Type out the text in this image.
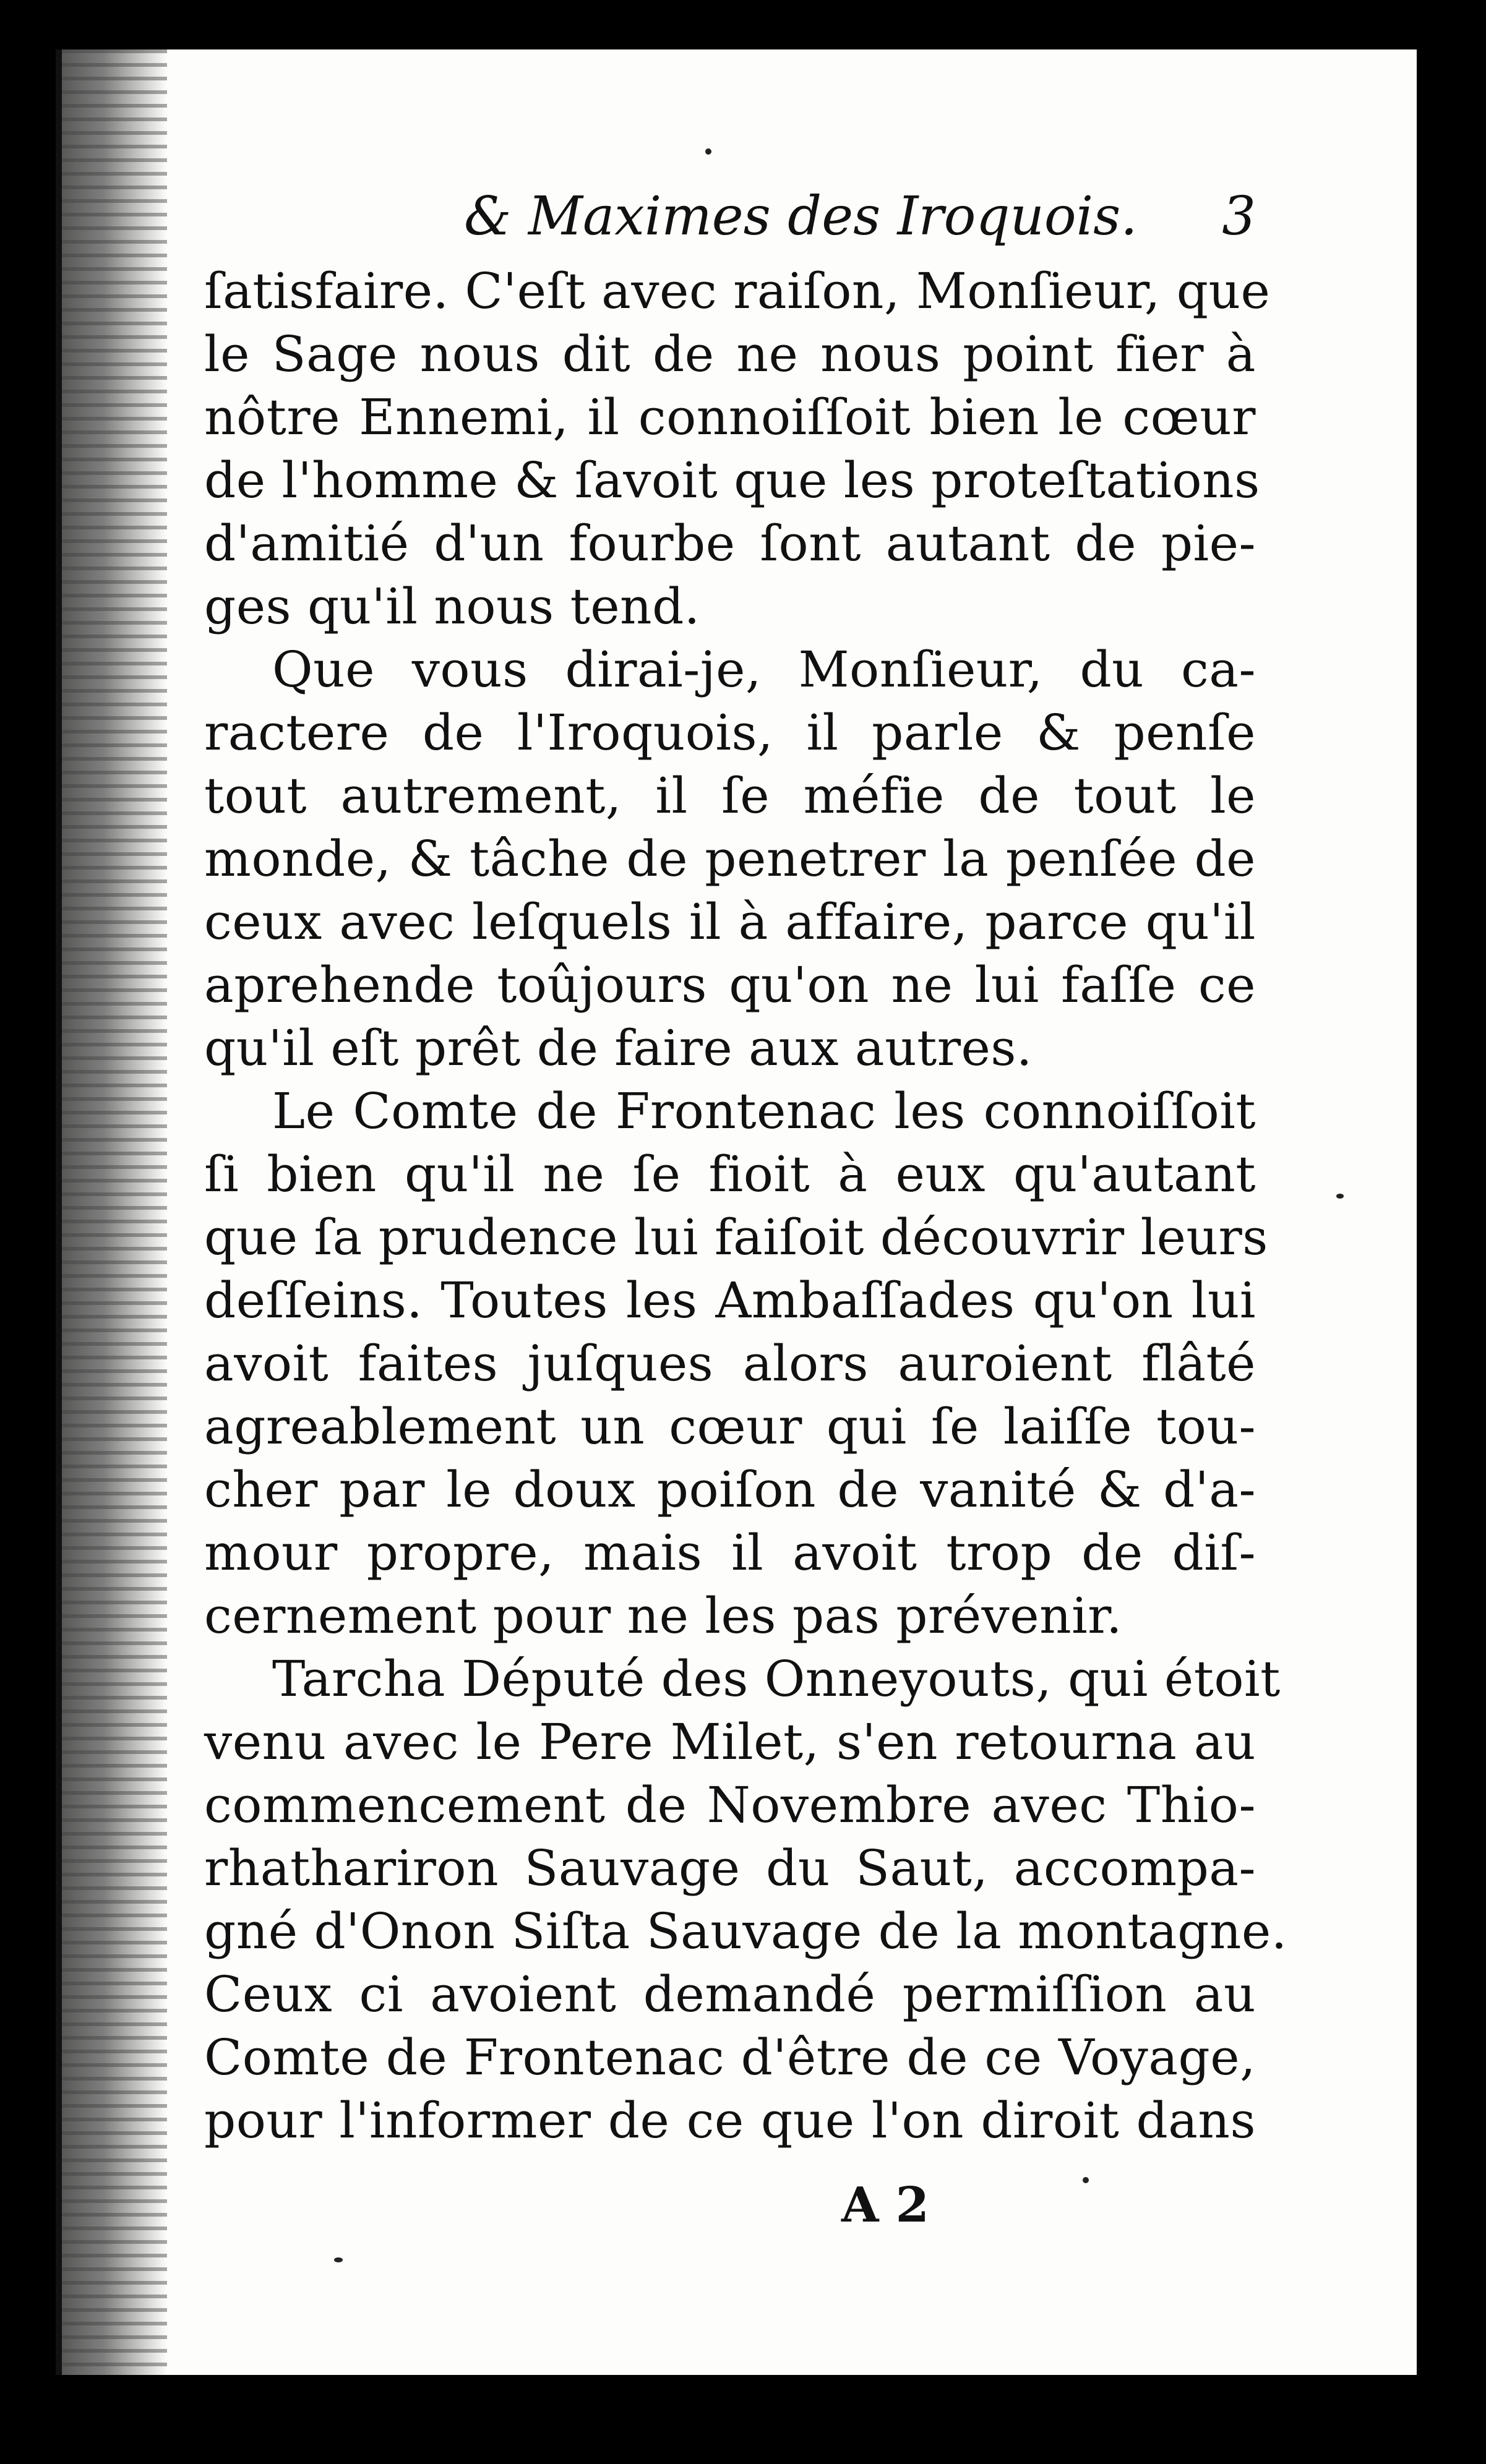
& Maximes des Iroquois. 3
ſatisfaire. C'eſt avec raiſon, Monſieur, que
le Sage nous dit de ne nous point fier à
nôtre Ennemi, il connoiſſoit bien le cœur
de l'homme & ſavoit que les proteſtations
d'amitié d'un fourbe ſont autant de pie-
ges qu'il nous tend.
Que vous dirai-je, Monſieur, du ca-
ractere de l'Iroquois, il parle & penſe
tout autrement, il ſe méfie de tout le
monde, & tâche de penetrer la penſée de
ceux avec leſquels il à affaire, parce qu'il
aprehende toûjours qu'on ne lui faſſe ce
qu'il eſt prêt de faire aux autres.
Le Comte de Frontenac les connoiſſoit
ſi bien qu'il ne ſe fioit à eux qu'autant
que ſa prudence lui faiſoit découvrir leurs
deſſeins. Toutes les Ambaſſades qu'on lui
avoit faites juſques alors auroient flâté
agreablement un cœur qui ſe laiſſe tou-
cher par le doux poiſon de vanité & d'a-
mour propre, mais il avoit trop de diſ-
cernement pour ne les pas prévenir.
Tarcha Député des Onneyouts, qui étoit
venu avec le Pere Milet, s'en retourna au
commencement de Novembre avec Thio-
rhathariron Sauvage du Saut, accompa-
gné d'Onon Siſta Sauvage de la montagne.
Ceux ci avoient demandé permiſſion au
Comte de Frontenac d'être de ce Voyage,
pour l'informer de ce que l'on diroit dans
A 2
